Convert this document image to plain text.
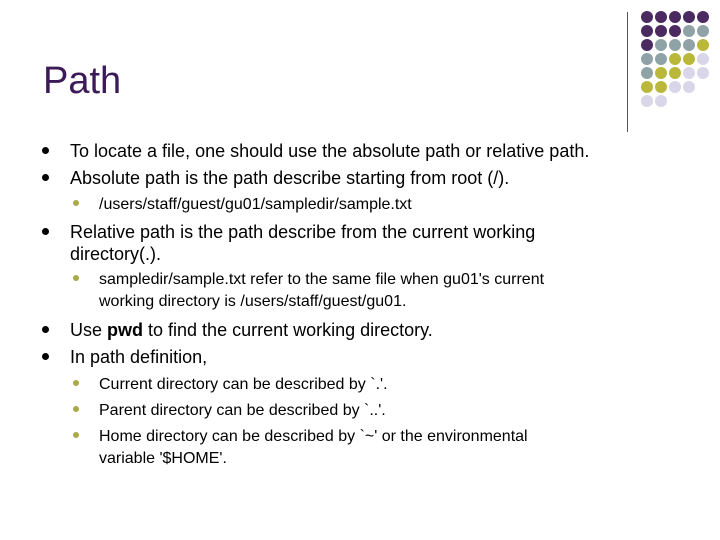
Path
To locate a file, one should use the absolute path or relative path.
Absolute path is the path describe starting from root (/).
/users/staff/guest/gu01/sampledir/sample.txt
Relative path is the path describe from the current working
directory(.).
sampledir/sample.txt refer to the same file when gu01's current
working directory is /users/staff/guest/gu01.
Use pwd to find the current working directory.
In path definition,
Current directory can be described by `.'.
Parent directory can be described by `..'.
Home directory can be described by `~' or the environmental
variable '$HOME'.
